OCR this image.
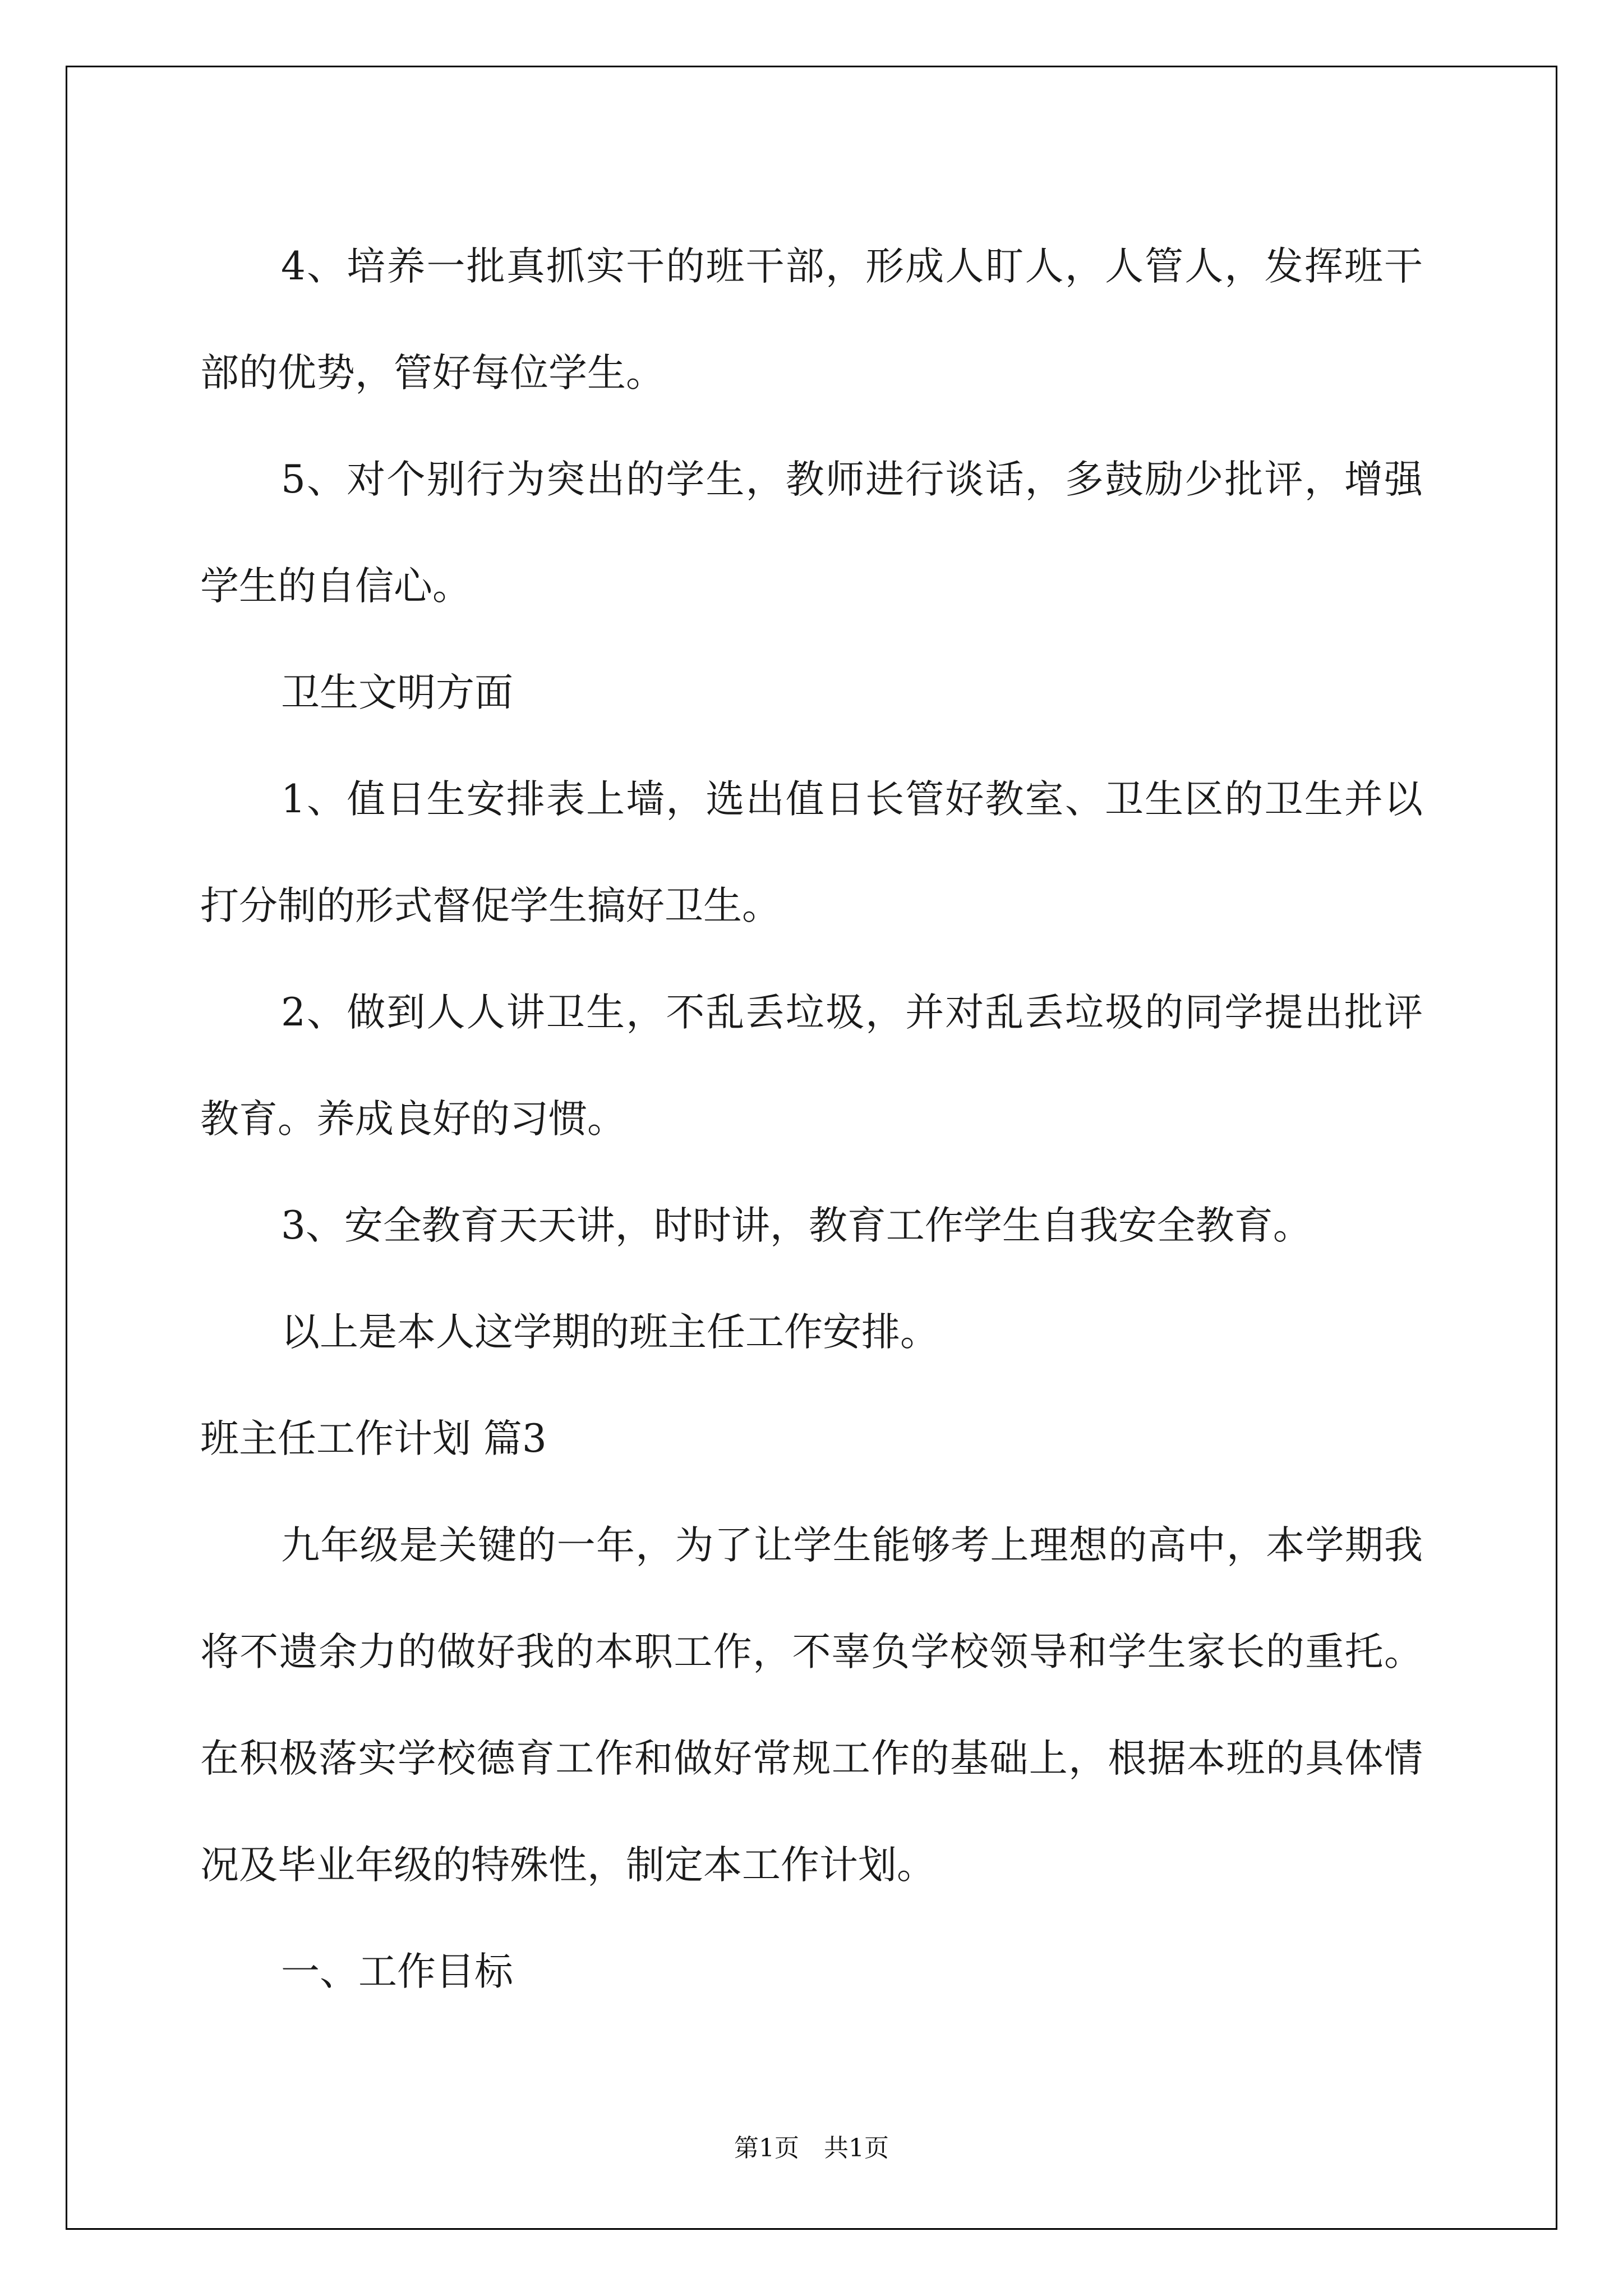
4、培养一批真抓实干的班干部，形成人盯人，人管人，发挥班干部的优势，管好每位学生。

5、对个别行为突出的学生，教师进行谈话，多鼓励少批评，增强学生的自信心。

卫生文明方面

1、值日生安排表上墙，选出值日长管好教室、卫生区的卫生并以打分制的形式督促学生搞好卫生。

2、做到人人讲卫生，不乱丢垃圾，并对乱丢垃圾的同学提出批评教育。养成良好的习惯。

3、安全教育天天讲，时时讲，教育工作学生自我安全教育。

以上是本人这学期的班主任工作安排。

班主任工作计划 篇3

九年级是关键的一年，为了让学生能够考上理想的高中，本学期我将不遗余力的做好我的本职工作，不辜负学校领导和学生家长的重托。在积极落实学校德育工作和做好常规工作的基础上，根据本班的具体情况及毕业年级的特殊性，制定本工作计划。

一、工作目标

第1页　共1页
